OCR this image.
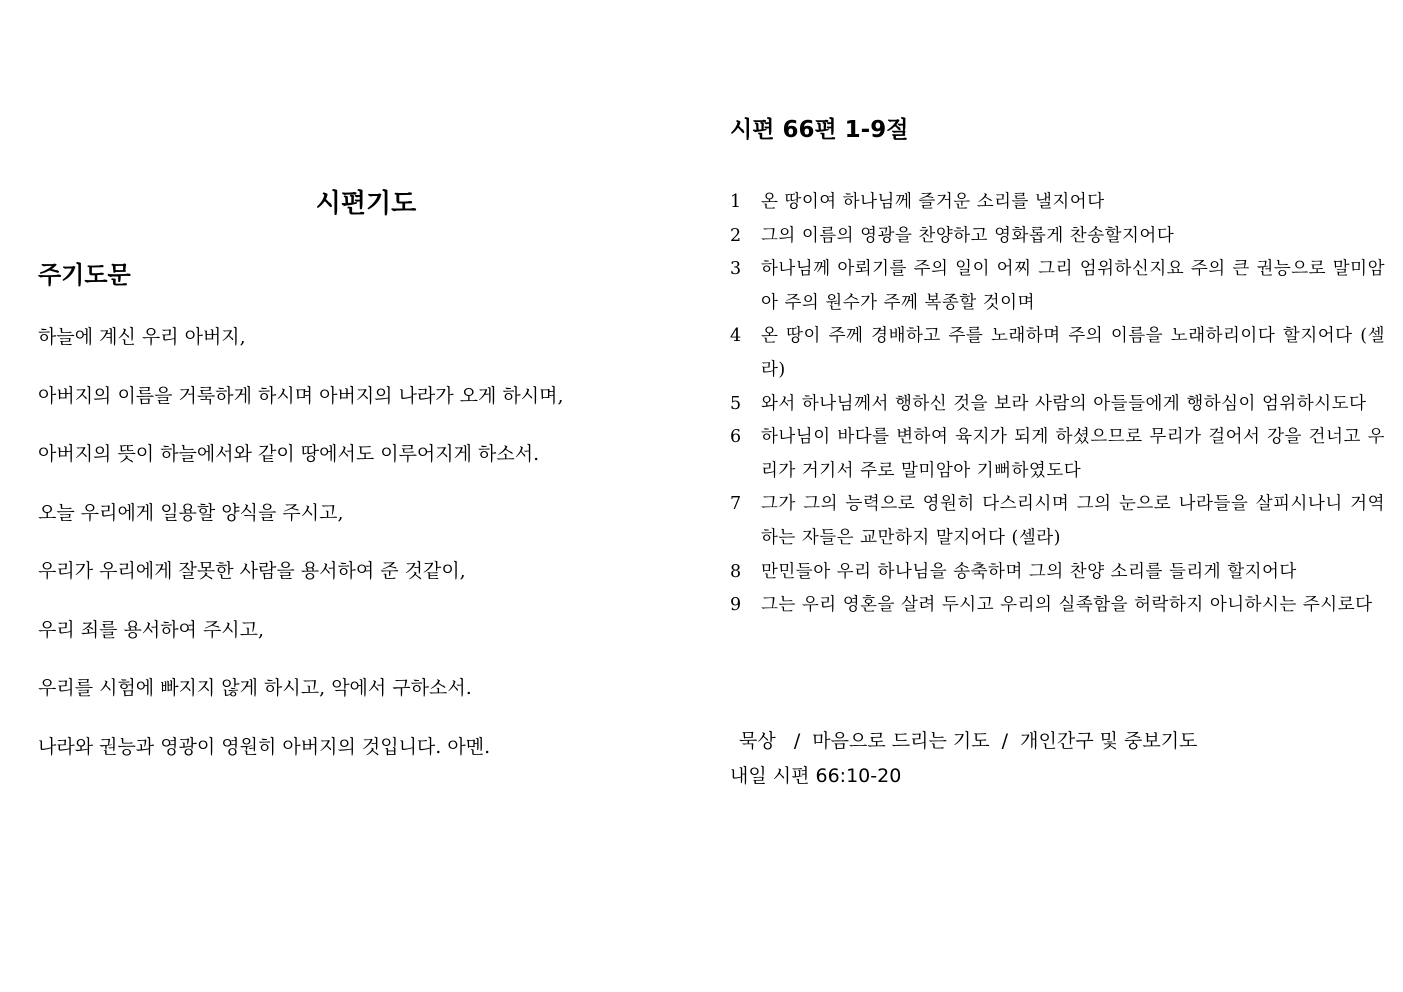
시편기도
주기도문
하늘에 계신 우리 아버지,
아버지의 이름을 거룩하게 하시며 아버지의 나라가 오게 하시며,
아버지의 뜻이 하늘에서와 같이 땅에서도 이루어지게 하소서.
오늘 우리에게 일용할 양식을 주시고,
우리가 우리에게 잘못한 사람을 용서하여 준 것같이,
우리 죄를 용서하여 주시고,
우리를 시험에 빠지지 않게 하시고, 악에서 구하소서.
나라와 권능과 영광이 영원히 아버지의 것입니다. 아멘.
시편 66편 1-9절
1 온 땅이여 하나님께 즐거운 소리를 낼지어다
2 그의 이름의 영광을 찬양하고 영화롭게 찬송할지어다
3 하나님께 아뢰기를 주의 일이 어찌 그리 엄위하신지요 주의 큰 권능으로 말미암아 주의 원수가 주께 복종할 것이며
4 온 땅이 주께 경배하고 주를 노래하며 주의 이름을 노래하리이다 할지어다 (셀라)
5 와서 하나님께서 행하신 것을 보라 사람의 아들들에게 행하심이 엄위하시도다
6 하나님이 바다를 변하여 육지가 되게 하셨으므로 무리가 걸어서 강을 건너고 우리가 거기서 주로 말미암아 기뻐하였도다
7 그가 그의 능력으로 영원히 다스리시며 그의 눈으로 나라들을 살피시나니 거역하는 자들은 교만하지 말지어다 (셀라)
8 만민들아 우리 하나님을 송축하며 그의 찬양 소리를 들리게 할지어다
9 그는 우리 영혼을 살려 두시고 우리의 실족함을 허락하지 아니하시는 주시로다
묵상   /  마음으로 드리는 기도  /  개인간구 및 중보기도
내일 시편 66:10-20
